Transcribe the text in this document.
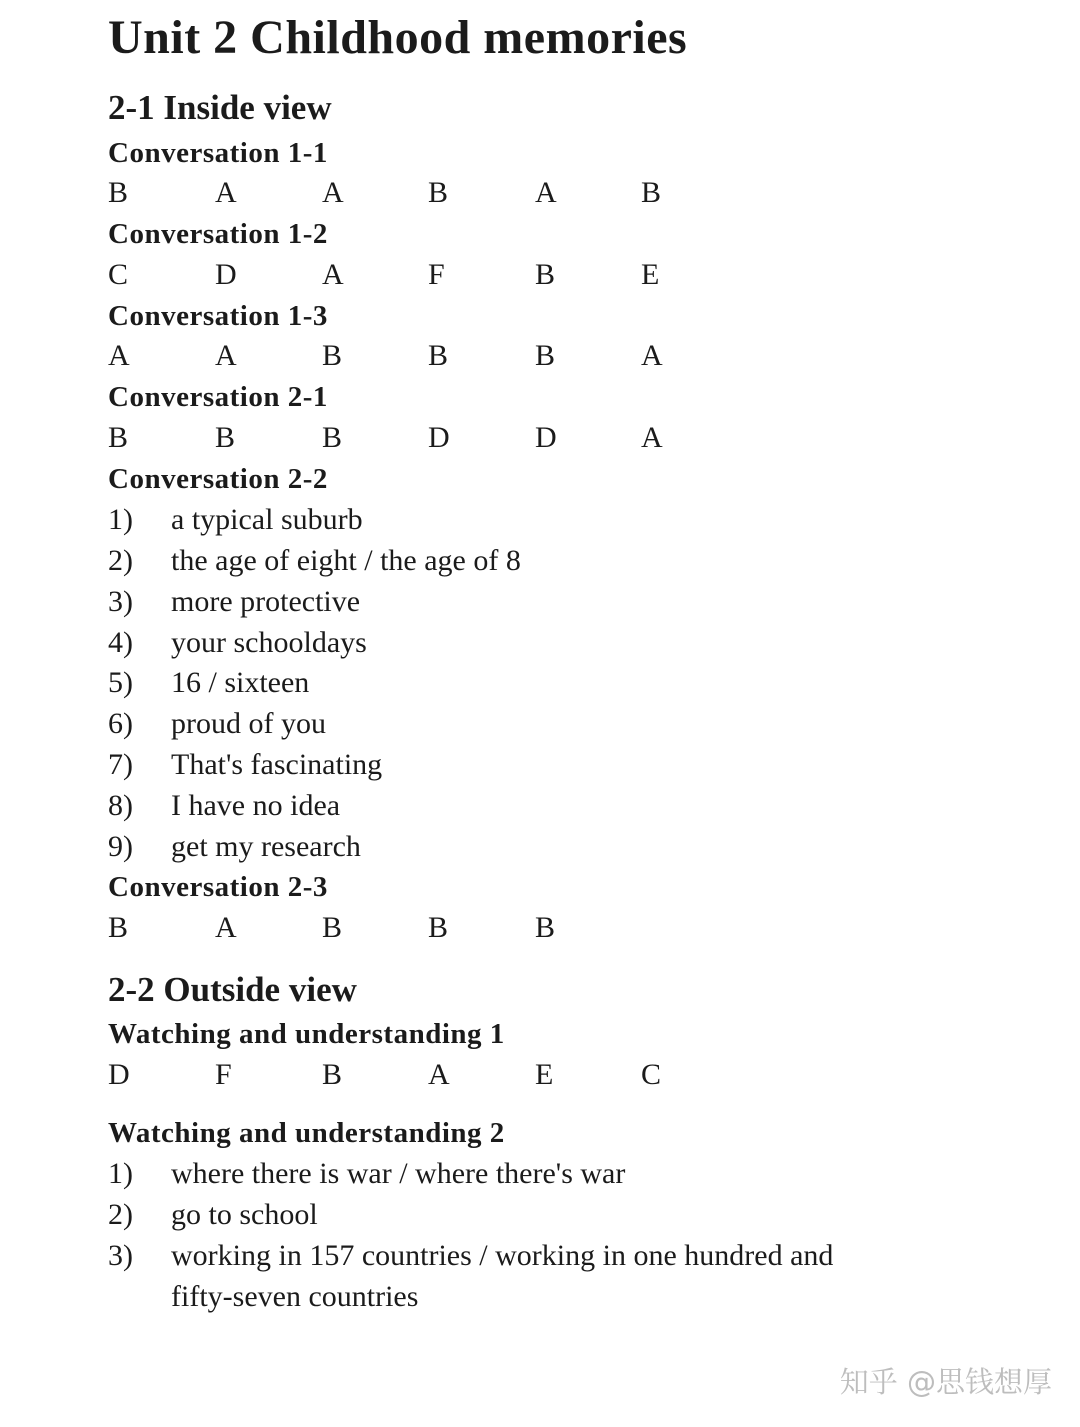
Unit 2 Childhood memories
2-1 Inside view
Conversation 1-1
B	A	A	B	A	B
Conversation 1-2
C	D	A	F	B	E
Conversation 1-3
A	A	B	B	B	A
Conversation 2-1
B	B	B	D	D	A
Conversation 2-2
1) a typical suburb
2) the age of eight / the age of 8
3) more protective
4) your schooldays
5) 16 / sixteen
6) proud of you
7) That's fascinating
8) I have no idea
9) get my research
Conversation 2-3
B	A	B	B	B
2-2 Outside view
Watching and understanding 1
D	F	B	A	E	C
Watching and understanding 2
1) where there is war / where there's war
2) go to school
3) working in 157 countries / working in one hundred and
fifty-seven countries
知乎 @思钱想厚
